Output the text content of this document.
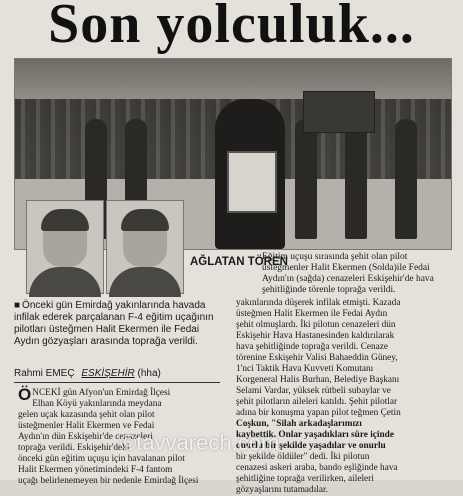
Son yolculuk...
AĞLATAN TÖREN
Eğitim uçuşu sırasında şehit olan pilot üsteğmenler Halit Ekermen (Solda)ile Fedai Aydın'ın (sağda) cenazeleri Eskişehir'de hava şehitliğinde törenle toprağa verildi.
■ Önceki gün Emirdağ yakınlarında havada infilak ederek parçalanan F-4 eğitim uçağının pilotları üsteğmen Halit Ekermen ile Fedai Aydın gözyaşları arasında toprağa verildi.
Rahmi EMEÇ ESKİŞEHİR (hha)
Ö NCEKİ gün Afyon'un Emirdağ İlçesi
Elhan Köyü yakınlarında meydana
gelen uçak kazasında şehit olan pilot
üsteğmenler Halit Ekermen ve Fedai
Aydın'ın dün Eskişehir'de cenazeleri
toprağa verildi. Eskişehir'deki
önceki gün eğitim uçuşu için havalanan pilot
Halit Ekermen yönetimindeki F-4 fantom
uçağı belirlenemeyen bir nedenle Emirdağ İlçesi
yakınlarında düşerek infilak etmişti. Kazada
üsteğmen Halit Ekermen ile Fedai Aydın
şehit olmuşlardı. İki pilotun cenazeleri dün
Eskişehir Hava Hastanesinden kaldırılarak
hava şehitliğinde toprağa verildi. Cenaze
törenine Eskişehir Valisi Bahaeddin Güney,
1'nci Taktik Hava Kuvveti Komutanı
Korgeneral Halis Burhan, Belediye Başkanı
Selami Vardar, yüksek rütbeli subaylar ve
şehit pilotların aileleri katıldı. Şehit pilotlar
adına bir konuşma yapan pilot teğmen Çetin
Coşkun, "Silah arkadaşlarımızı
kaybettik. Onlar yaşadıkları süre içinde
onurlu bir şekilde yaşadılar ve onurlu
bir şekilde öldüler" dedi. İki pilotun
cenazesi askeri araba, bando eşliğinde hava
şehitliğine toprağa verilirken, aileleri
gözyaşlarını tutamadılar.
©tavvarech.com
